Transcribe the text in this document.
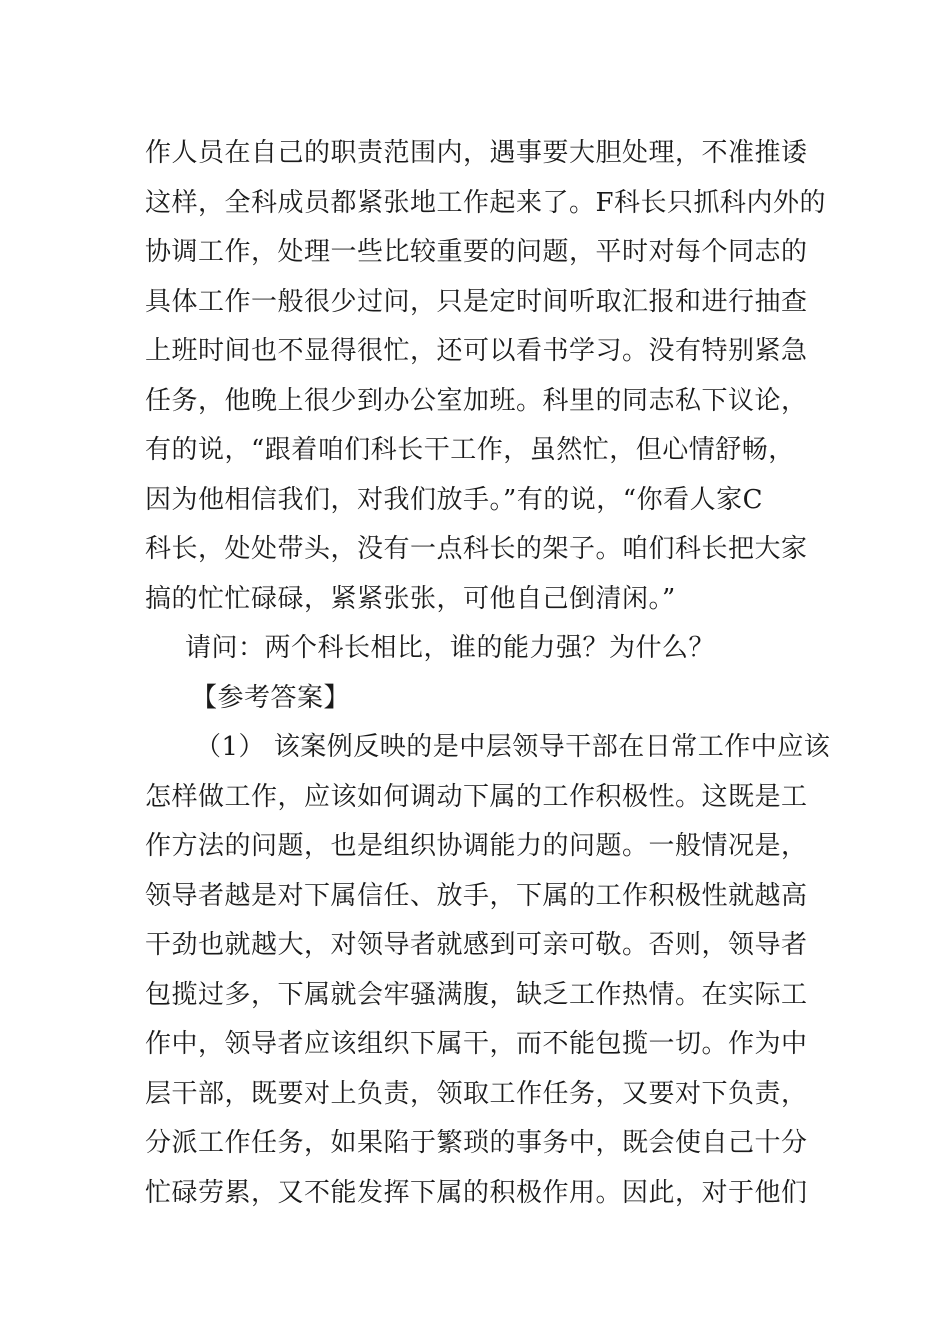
作人员在自己的职责范围内，遇事要大胆处理，不准推诿
这样，全科成员都紧张地工作起来了。F科长只抓科内外的
协调工作，处理一些比较重要的问题，平时对每个同志的
具体工作一般很少过问，只是定时间听取汇报和进行抽查
上班时间也不显得很忙，还可以看书学习。没有特别紧急
任务，他晚上很少到办公室加班。科里的同志私下议论，
有的说，“跟着咱们科长干工作，虽然忙，但心情舒畅，
因为他相信我们，对我们放手。”有的说，“你看人家C
科长，处处带头，没有一点科长的架子。咱们科长把大家
搞的忙忙碌碌，紧紧张张，可他自己倒清闲。”
请问：两个科长相比，谁的能力强？为什么？
【参考答案】
（1） 该案例反映的是中层领导干部在日常工作中应该
怎样做工作，应该如何调动下属的工作积极性。这既是工
作方法的问题，也是组织协调能力的问题。一般情况是，
领导者越是对下属信任、放手，下属的工作积极性就越高
干劲也就越大，对领导者就感到可亲可敬。否则，领导者
包揽过多，下属就会牢骚满腹，缺乏工作热情。在实际工
作中，领导者应该组织下属干，而不能包揽一切。作为中
层干部，既要对上负责，领取工作任务，又要对下负责，
分派工作任务，如果陷于繁琐的事务中，既会使自己十分
忙碌劳累，又不能发挥下属的积极作用。因此，对于他们
